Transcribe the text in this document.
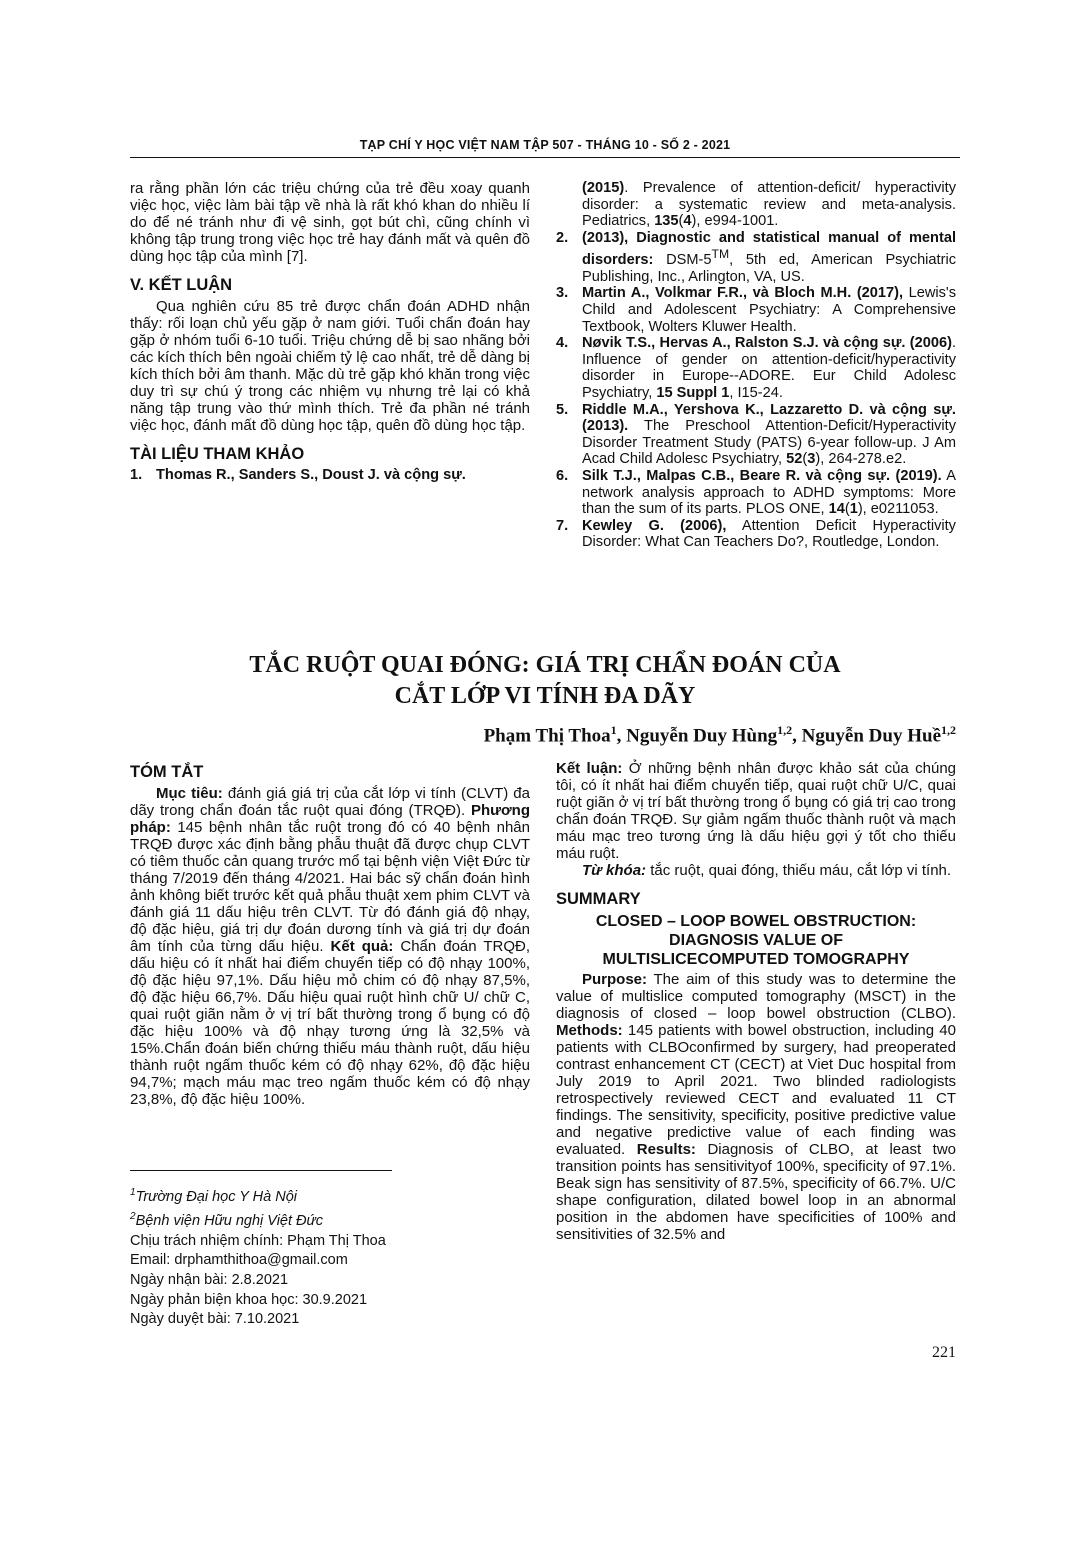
TẠP CHÍ Y HỌC VIỆT NAM TẬP 507 - THÁNG 10 - SỐ 2 - 2021

ra rằng phần lớn các triệu chứng của trẻ đều xoay quanh việc học, việc làm bài tập về nhà là rất khó khan do nhiều lí do để né tránh như đi vệ sinh, gọt bút chì, cũng chính vì không tập trung trong việc học trẻ hay đánh mất và quên đồ dùng học tập của mình [7].

V. KẾT LUẬN

Qua nghiên cứu 85 trẻ được chẩn đoán ADHD nhận thấy: rối loạn chủ yếu gặp ở nam giới. Tuổi chẩn đoán hay gặp ở nhóm tuổi 6-10 tuổi. Triệu chứng dễ bị sao nhãng bởi các kích thích bên ngoài chiếm tỷ lệ cao nhất, trẻ dễ dàng bị kích thích bởi âm thanh. Mặc dù trẻ gặp khó khăn trong việc duy trì sự chú ý trong các nhiệm vụ nhưng trẻ lại có khả năng tập trung vào thứ mình thích. Trẻ đa phần né tránh việc học, đánh mất đồ dùng học tập, quên đồ dùng học tập.

TÀI LIỆU THAM KHẢO
1. Thomas R., Sanders S., Doust J. và cộng sự.
(2015). Prevalence of attention-deficit/ hyperactivity disorder: a systematic review and meta-analysis. Pediatrics, 135(4), e994-1001.
2. (2013), Diagnostic and statistical manual of mental disorders: DSM-5™, 5th ed, American Psychiatric Publishing, Inc., Arlington, VA, US.
3. Martin A., Volkmar F.R., và Bloch M.H. (2017), Lewis's Child and Adolescent Psychiatry: A Comprehensive Textbook, Wolters Kluwer Health.
4. Nøvik T.S., Hervas A., Ralston S.J. và cộng sự. (2006). Influence of gender on attention-deficit/hyperactivity disorder in Europe--ADORE. Eur Child Adolesc Psychiatry, 15 Suppl 1, I15-24.
5. Riddle M.A., Yershova K., Lazzaretto D. và cộng sự. (2013). The Preschool Attention-Deficit/Hyperactivity Disorder Treatment Study (PATS) 6-year follow-up. J Am Acad Child Adolesc Psychiatry, 52(3), 264-278.e2.
6. Silk T.J., Malpas C.B., Beare R. và cộng sự. (2019). A network analysis approach to ADHD symptoms: More than the sum of its parts. PLOS ONE, 14(1), e0211053.
7. Kewley G. (2006), Attention Deficit Hyperactivity Disorder: What Can Teachers Do?, Routledge, London.
TẮC RUỘT QUAI ĐÓNG: GIÁ TRỊ CHẨN ĐOÁN CỦA
CẮT LỚP VI TÍNH ĐA DÃY
Phạm Thị Thoa$^1$, Nguyễn Duy Hùng$^{1,2}$, Nguyễn Duy Huề$^{1,2}$
TÓM TẮT

Mục tiêu: đánh giá giá trị của cắt lớp vi tính (CLVT) đa dãy trong chẩn đoán tắc ruột quai đóng (TRQĐ). Phương pháp: 145 bệnh nhân tắc ruột trong đó có 40 bệnh nhân TRQĐ được xác định bằng phẫu thuật đã được chụp CLVT có tiêm thuốc cản quang trước mổ tại bệnh viện Việt Đức từ tháng 7/2019 đến tháng 4/2021. Hai bác sỹ chẩn đoán hình ảnh không biết trước kết quả phẫu thuật xem phim CLVT và đánh giá 11 dấu hiệu trên CLVT. Từ đó đánh giá độ nhạy, độ đặc hiệu, giá trị dự đoán dương tính và giá trị dự đoán âm tính của từng dấu hiệu. Kết quả: Chẩn đoán TRQĐ, dấu hiệu có ít nhất hai điểm chuyển tiếp có độ nhạy 100%, độ đặc hiệu 97,1%. Dấu hiệu mỏ chim có độ nhạy 87,5%, độ đặc hiệu 66,7%. Dấu hiệu quai ruột hình chữ U/ chữ C, quai ruột giãn nằm ở vị trí bất thường trong ổ bụng có độ đặc hiệu 100% và độ nhạy tương ứng là 32,5% và 15%.Chẩn đoán biến chứng thiếu máu thành ruột, dấu hiệu thành ruột ngấm thuốc kém có độ nhạy 62%, độ đặc hiệu 94,7%; mạch máu mạc treo ngấm thuốc kém có độ nhạy 23,8%, độ đặc hiệu 100%.

Kết luận: Ở những bệnh nhân được khảo sát của chúng tôi, có ít nhất hai điểm chuyển tiếp, quai ruột chữ U/C, quai ruột giãn ở vị trí bất thường trong ổ bụng có giá trị cao trong chẩn đoán TRQĐ. Sự giảm ngấm thuốc thành ruột và mạch máu mạc treo tương ứng là dấu hiệu gợi ý tốt cho thiếu máu ruột.

Từ khóa: tắc ruột, quai đóng, thiếu máu, cắt lớp vi tính.

SUMMARY
CLOSED – LOOP BOWEL OBSTRUCTION:
DIAGNOSIS VALUE OF
MULTISLICECOMPUTED TOMOGRAPHY

Purpose: The aim of this study was to determine the value of multislice computed tomography (MSCT) in the diagnosis of closed – loop bowel obstruction (CLBO). Methods: 145 patients with bowel obstruction, including 40 patients with CLBOconfirmed by surgery, had preoperated contrast enhancement CT (CECT) at Viet Duc hospital from July 2019 to April 2021. Two blinded radiologists retrospectively reviewed CECT and evaluated 11 CT findings. The sensitivity, specificity, positive predictive value and negative predictive value of each finding was evaluated. Results: Diagnosis of CLBO, at least two transition points has sensitivityof 100%, specificity of 97.1%. Beak sign has sensitivity of 87.5%, specificity of 66.7%. U/C shape configuration, dilated bowel loop in an abnormal position in the abdomen have specificities of 100% and sensitivities of 32.5% and

$^1$Trường Đại học Y Hà Nội
$^2$Bệnh viện Hữu nghị Việt Đức
Chịu trách nhiệm chính: Phạm Thị Thoa
Email: drphamthithoa@gmail.com
Ngày nhận bài: 2.8.2021
Ngày phản biện khoa học: 30.9.2021
Ngày duyệt bài: 7.10.2021
221
